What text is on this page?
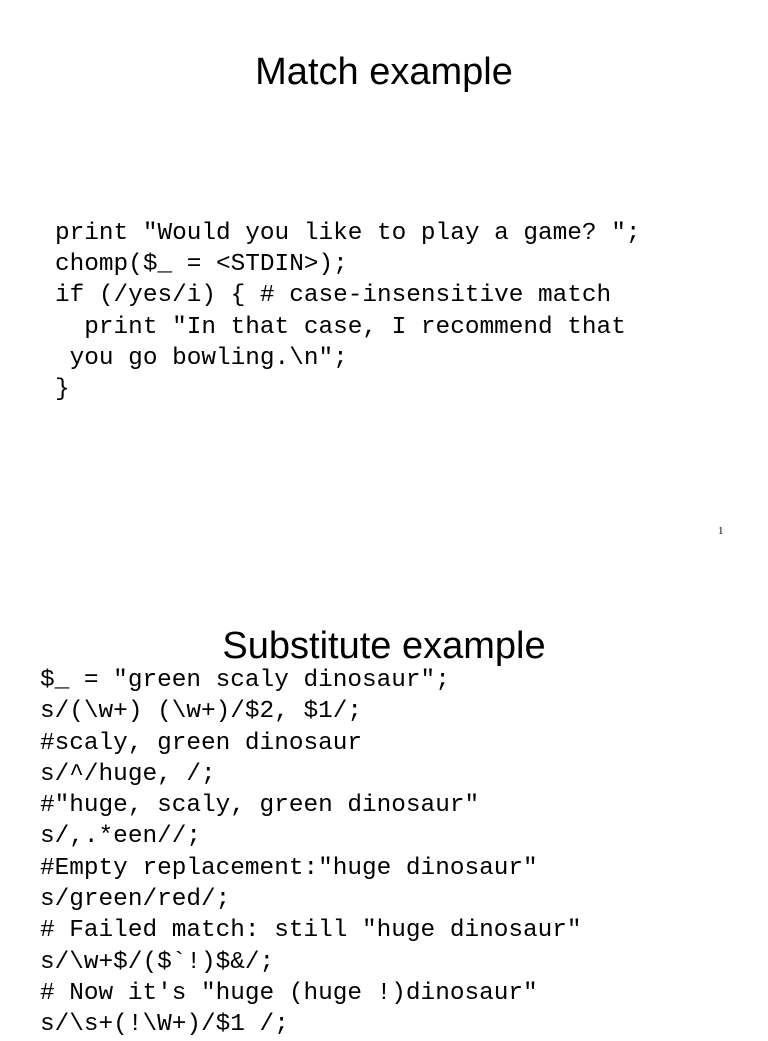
Match example
print "Would you like to play a game? ";
chomp($_ = <STDIN>);
if (/yes/i) { # case-insensitive match
print "In that case, I recommend that
you go bowling.\n";
}
1
Substitute example
$_ = "green scaly dinosaur";
s/(\w+) (\w+)/$2, $1/;
#scaly, green dinosaur
s/^/huge, /;
#"huge, scaly, green dinosaur"
s/,.*een//;
#Empty replacement:"huge dinosaur"
s/green/red/;
# Failed match: still "huge dinosaur"
s/\w+$/($`!)$&/;
# Now it's "huge (huge !)dinosaur"
s/\s+(!\W+)/$1 /;
